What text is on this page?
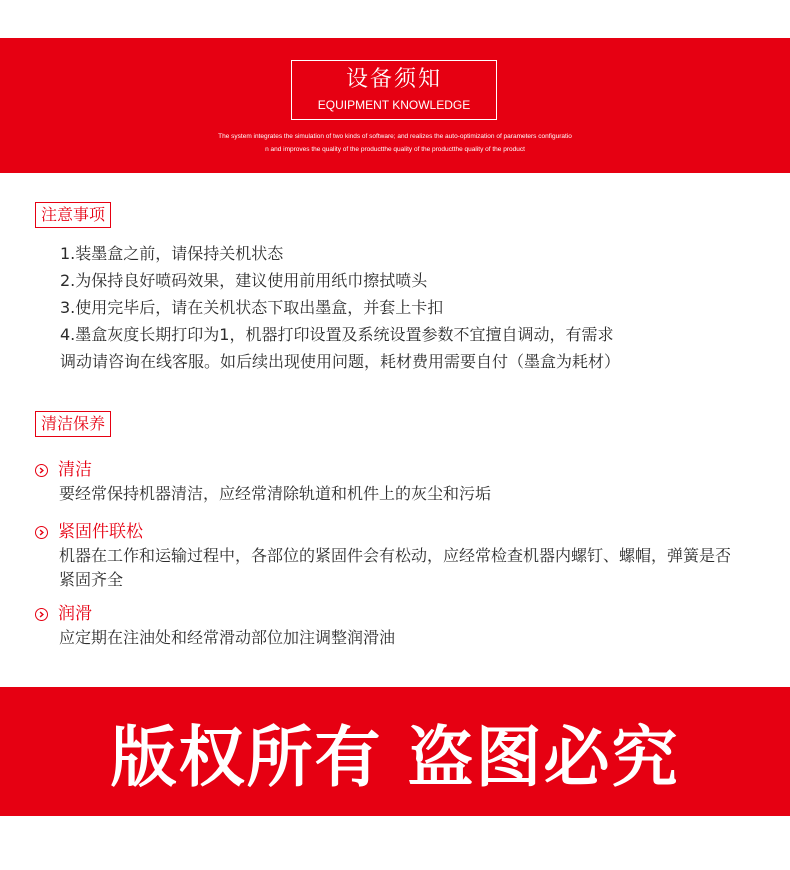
设备须知
EQUIPMENT KNOWLEDGE
The system integrates the simulation of two kinds of software; and realizes the auto-optimization of parameters configuratio
n and improves the quality of the productthe quality of the productthe quality of the product
注意事项
1.装墨盒之前，请保持关机状态
2.为保持良好喷码效果，建议使用前用纸巾擦拭喷头
3.使用完毕后，请在关机状态下取出墨盒，并套上卡扣
4.墨盒灰度长期打印为1，机器打印设置及系统设置参数不宜擅自调动，有需求
调动请咨询在线客服。如后续出现使用问题，耗材费用需要自付（墨盒为耗材）
清洁保养
清洁
要经常保持机器清洁，应经常清除轨道和机件上的灰尘和污垢
紧固件联松
机器在工作和运输过程中，各部位的紧固件会有松动，应经常检查机器内螺钉、螺帽，弹簧是否紧固齐全
润滑
应定期在注油处和经常滑动部位加注调整润滑油
版权所有 盗图必究
